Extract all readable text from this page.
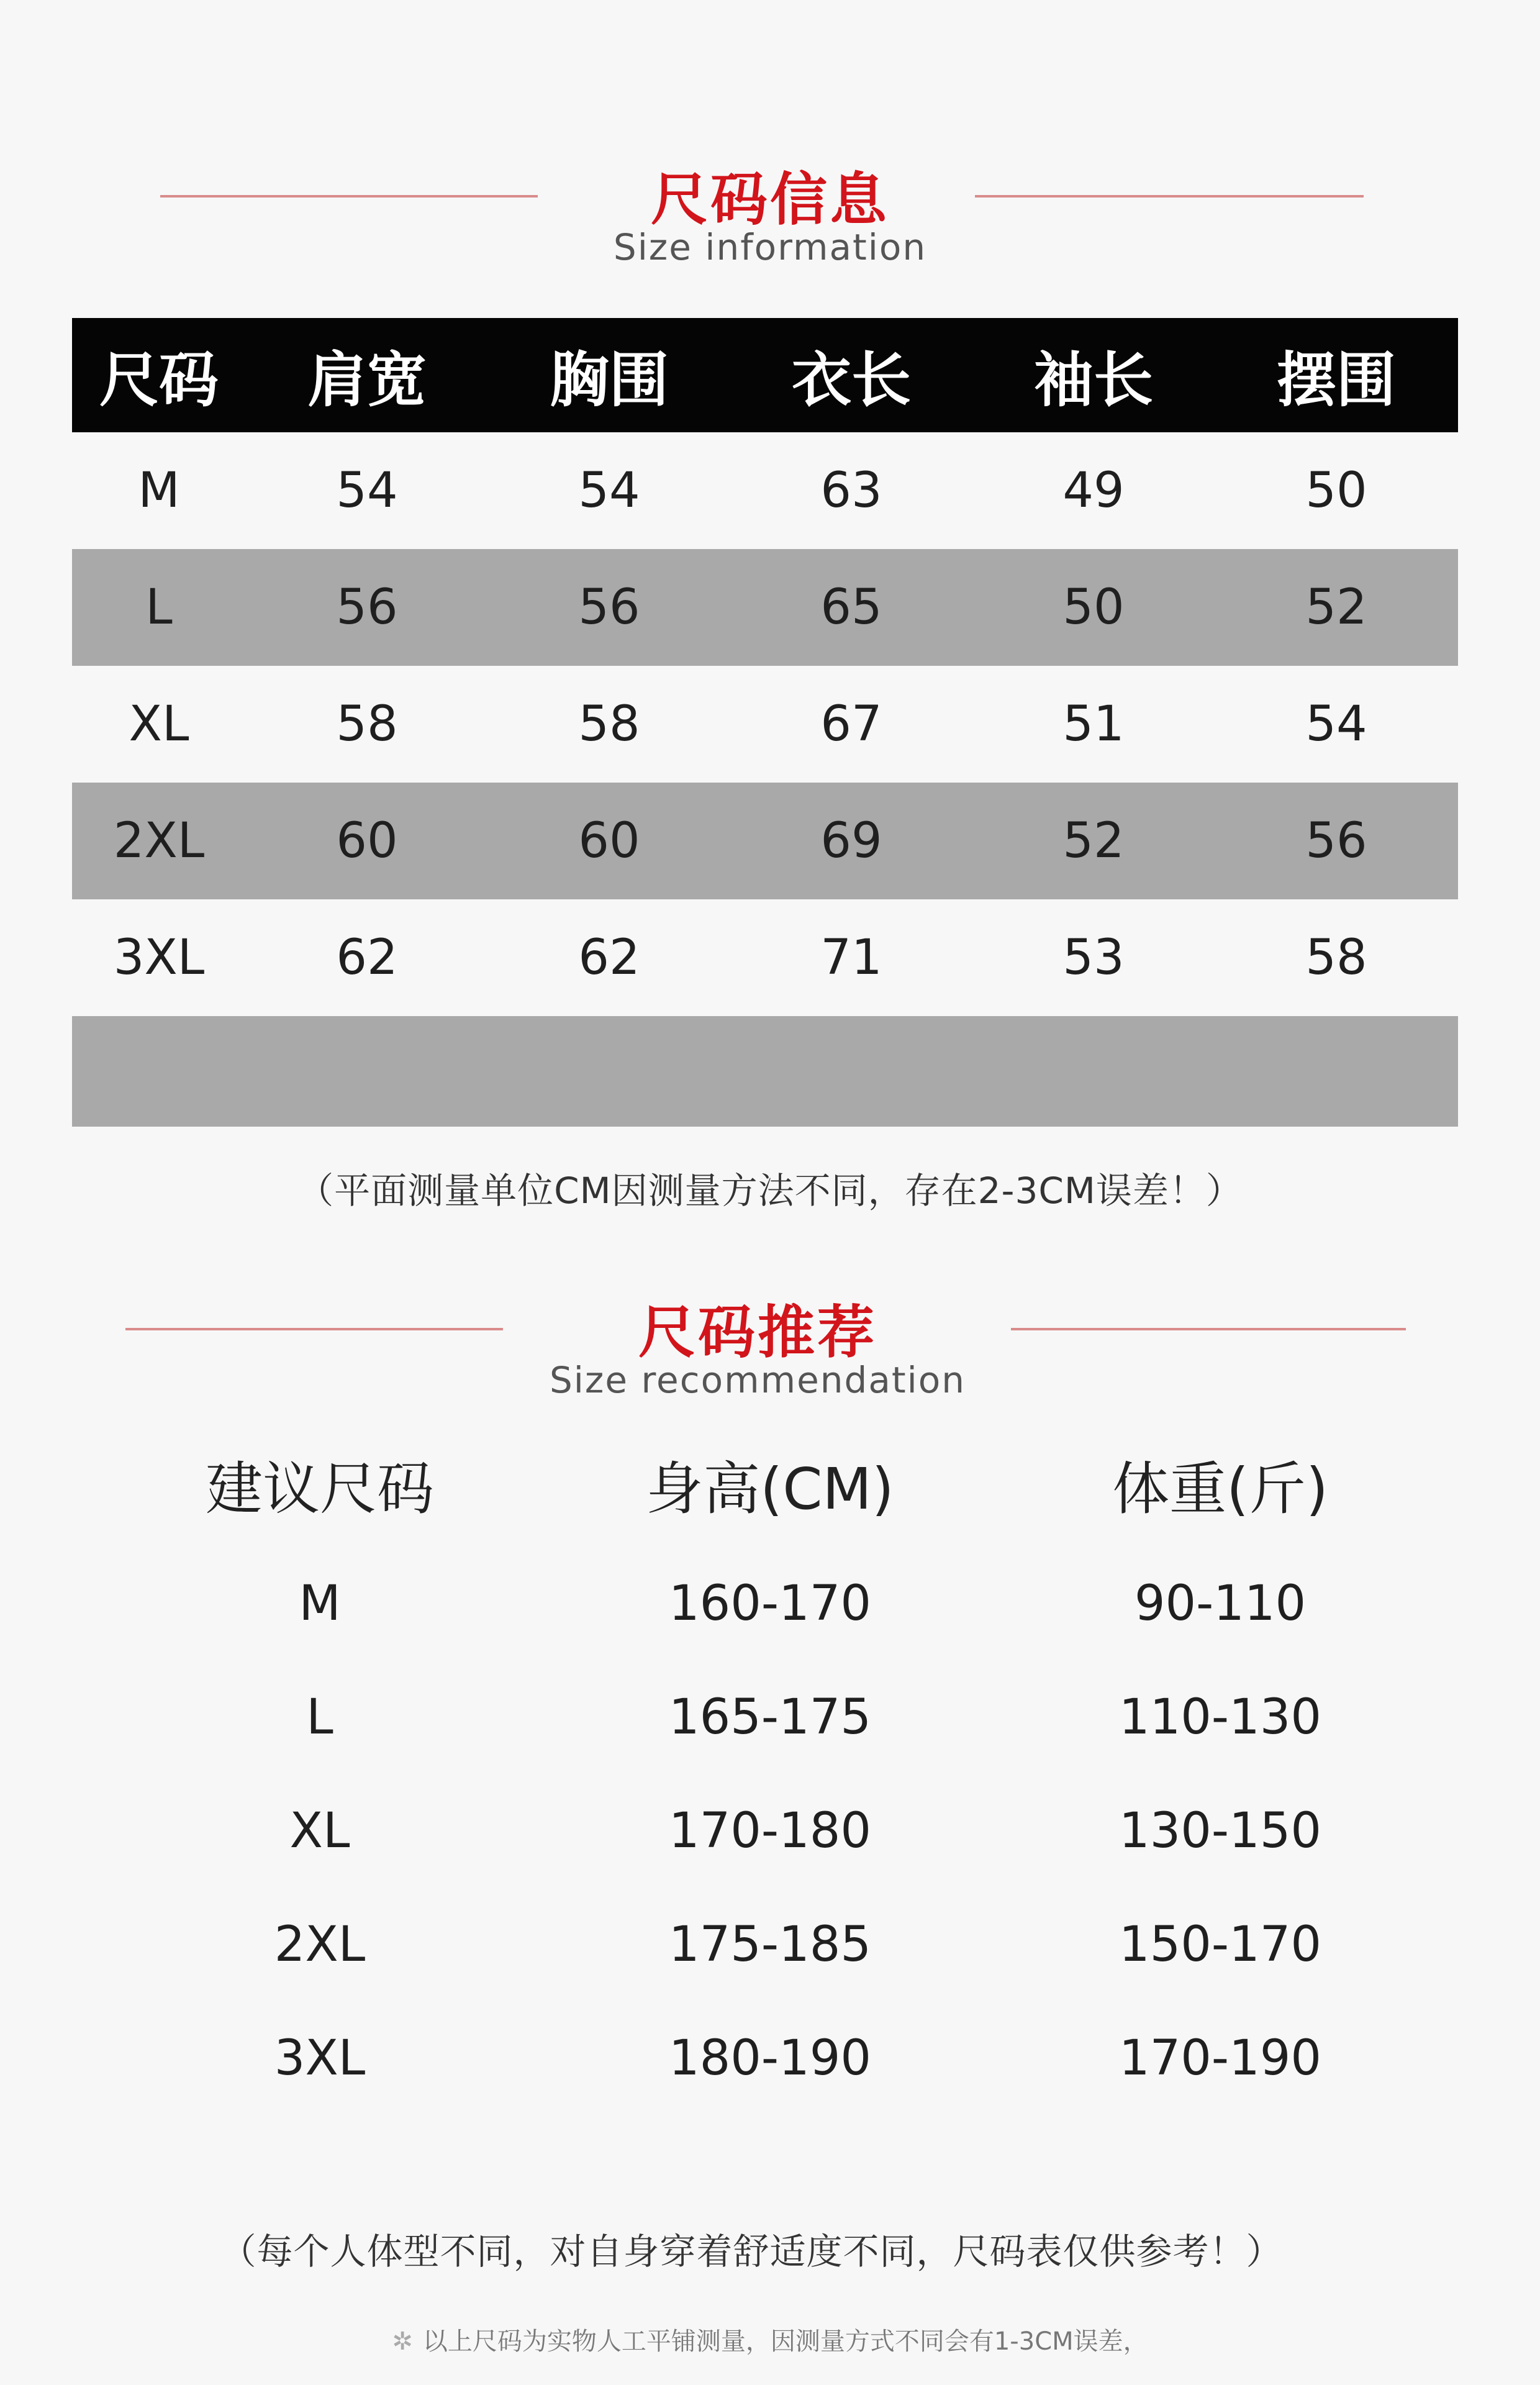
尺码信息
Size information
尺码	肩宽	胸围	衣长	袖长	摆围
M	54	54	63	49	50
L	56	56	65	50	52
XL	58	58	67	51	54
2XL	60	60	69	52	56
3XL	62	62	71	53	58
（平面测量单位CM因测量方法不同，存在2-3CM误差！）
尺码推荐
Size recommendation
建议尺码	身高(CM)	体重(斤)
M	160-170	90-110
L	165-175	110-130
XL	170-180	130-150
2XL	175-185	150-170
3XL	180-190	170-190
（每个人体型不同，对自身穿着舒适度不同，尺码表仅供参考！）
✲ 以上尺码为实物人工平铺测量，因测量方式不同会有1-3CM误差，
